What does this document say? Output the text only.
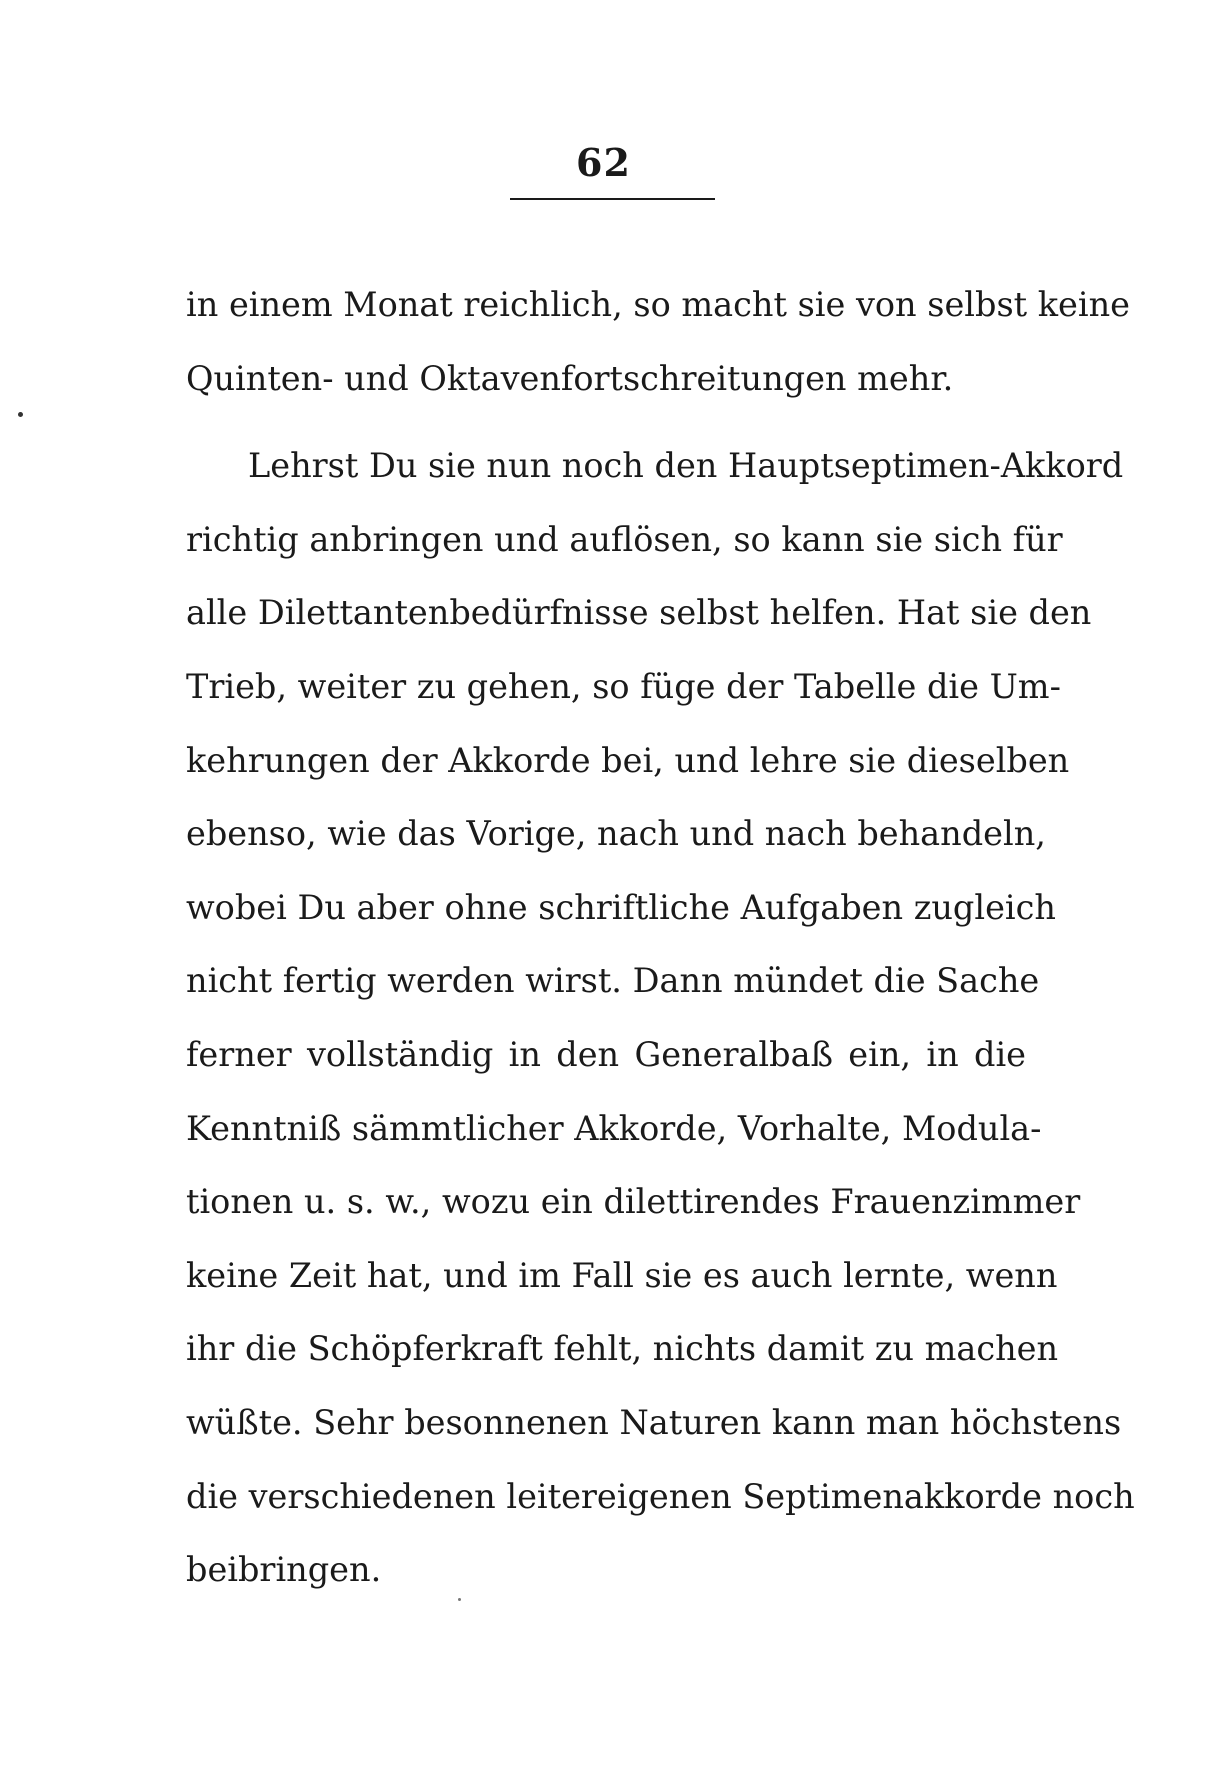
62
in einem Monat reichlich, so macht sie von selbst keine
Quinten- und Oktavenfortschreitungen mehr.
Lehrst Du sie nun noch den Hauptseptimen-Akkord
richtig anbringen und auflösen, so kann sie sich für
alle Dilettantenbedürfnisse selbst helfen. Hat sie den
Trieb, weiter zu gehen, so füge der Tabelle die Um-
kehrungen der Akkorde bei, und lehre sie dieselben
ebenso, wie das Vorige, nach und nach behandeln,
wobei Du aber ohne schriftliche Aufgaben zugleich
nicht fertig werden wirst. Dann mündet die Sache
ferner vollständig in den Generalbaß ein, in die
Kenntniß sämmtlicher Akkorde, Vorhalte, Modula-
tionen u. s. w., wozu ein dilettirendes Frauenzimmer
keine Zeit hat, und im Fall sie es auch lernte, wenn
ihr die Schöpferkraft fehlt, nichts damit zu machen
wüßte. Sehr besonnenen Naturen kann man höchstens
die verschiedenen leitereigenen Septimenakkorde noch
beibringen.
